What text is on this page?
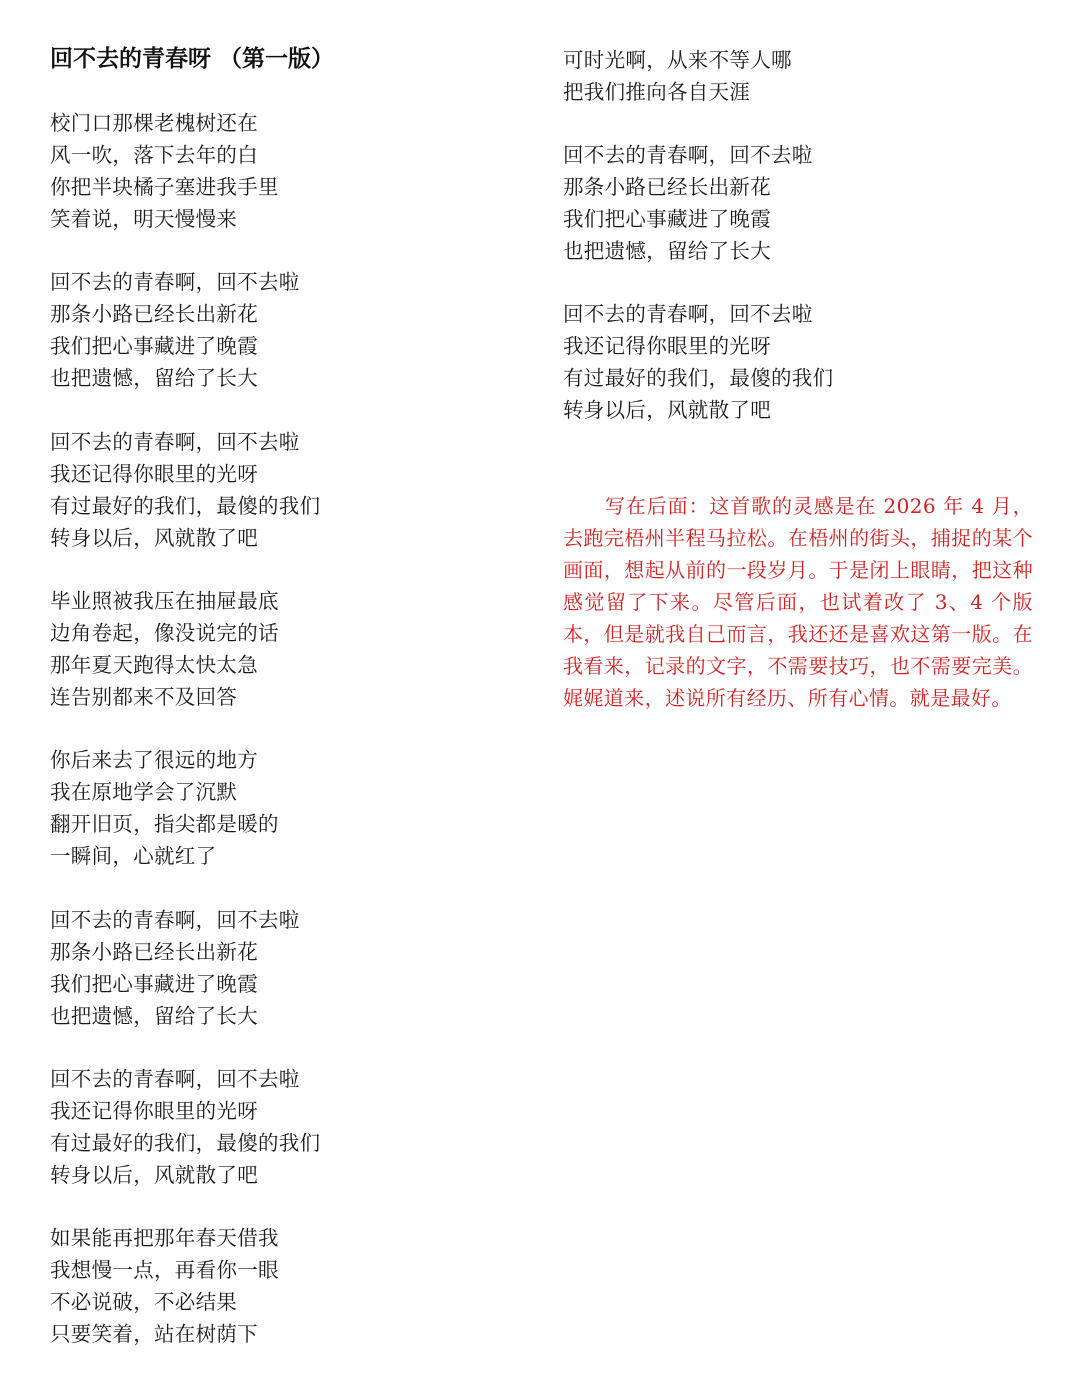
回不去的青春呀 （第一版）
校门口那棵老槐树还在
风一吹，落下去年的白
你把半块橘子塞进我手里
笑着说，明天慢慢来
回不去的青春啊，回不去啦
那条小路已经长出新花
我们把心事藏进了晚霞
也把遗憾，留给了长大
回不去的青春啊，回不去啦
我还记得你眼里的光呀
有过最好的我们，最傻的我们
转身以后，风就散了吧
毕业照被我压在抽屉最底
边角卷起，像没说完的话
那年夏天跑得太快太急
连告别都来不及回答
你后来去了很远的地方
我在原地学会了沉默
翻开旧页，指尖都是暖的
一瞬间，心就红了
回不去的青春啊，回不去啦
那条小路已经长出新花
我们把心事藏进了晚霞
也把遗憾，留给了长大
回不去的青春啊，回不去啦
我还记得你眼里的光呀
有过最好的我们，最傻的我们
转身以后，风就散了吧
如果能再把那年春天借我
我想慢一点，再看你一眼
不必说破，不必结果
只要笑着，站在树荫下
写在后面：这首歌的灵感是在 2026 年 4 月，去跑完梧州半程马拉松。在梧州的街头，捕捉的某个画面，想起从前的一段岁月。于是闭上眼睛，把这种感觉留了下来。尽管后面，也试着改了 3、4 个版本，但是就我自己而言，我还还是喜欢这第一版。在我看来，记录的文字，不需要技巧，也不需要完美。娓娓道来，述说所有经历、所有心情。就是最好。
可时光啊，从来不等人哪
把我们推向各自天涯
回不去的青春啊，回不去啦
那条小路已经长出新花
我们把心事藏进了晚霞
也把遗憾，留给了长大
回不去的青春啊，回不去啦
我还记得你眼里的光呀
有过最好的我们，最傻的我们
转身以后，风就散了吧
